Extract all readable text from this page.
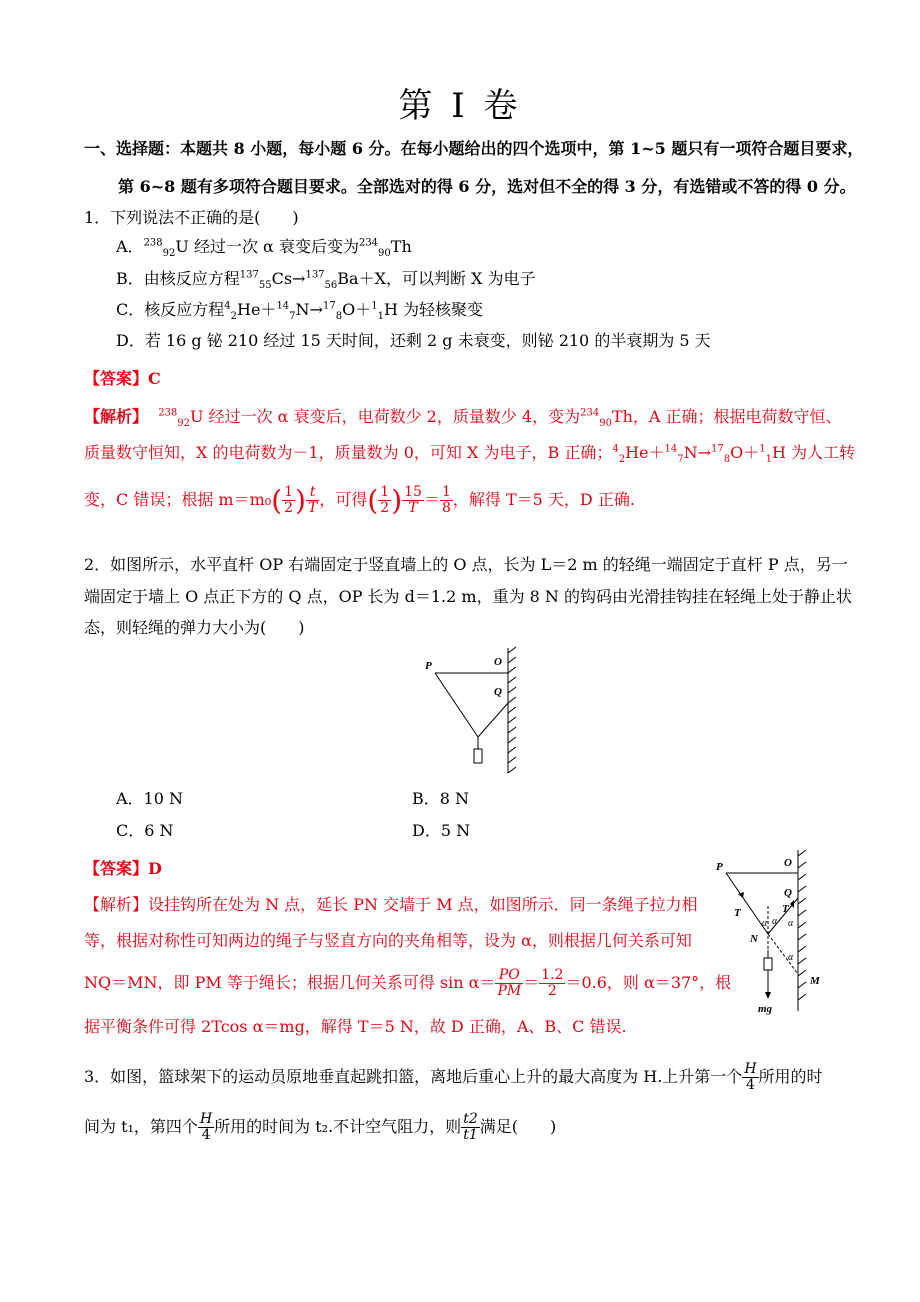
第 I 卷
一、选择题：本题共 8 小题，每小题 6 分。在每小题给出的四个选项中，第 1~5 题只有一项符合题目要求，
第 6~8 题有多项符合题目要求。全部选对的得 6 分，选对但不全的得 3 分，有选错或不答的得 0 分。
1．下列说法不正确的是(　　)
A．$^{238}_{92}$U 经过一次 α 衰变后变为$^{234}_{90}$Th
B．由核反应方程$^{137}_{55}$Cs→$^{137}_{56}$Ba＋X，可以判断 X 为电子
C．核反应方程$^4_2$He＋$^{14}_7$N→$^{17}_8$O＋$^1_1$H 为轻核聚变
D．若 16 g 铋 210 经过 15 天时间，还剩 2 g 未衰变，则铋 210 的半衰期为 5 天
【答案】C
【解析】 $^{238}_{92}$U 经过一次 α 衰变后，电荷数少 2，质量数少 4，变为$^{234}_{90}$Th，A 正确；根据电荷数守恒、
质量数守恒知，X 的电荷数为－1，质量数为 0，可知 X 为电子，B 正确；$^4_2$He＋$^{14}_7$N→$^{17}_8$O＋$^1_1$H 为人工转
变，C 错误；根据 $m=m_0( \frac{1}{2}$ ) $\frac{t}{T}$ ，可得( $\frac{1}{2}$ ) $\frac{15}{T} = \frac{1}{8}$ ，解得 T＝5 天，D 正确.
2．如图所示，水平直杆 OP 右端固定于竖直墙上的 O 点，长为 L＝2 m 的轻绳一端固定于直杆 P 点，另一
端固定于墙上 O 点正下方的 Q 点，OP 长为 d＝1.2 m，重为 8 N 的钩码由光滑挂钩挂在轻绳上处于静止状
态，则轻绳的弹力大小为(　　)
P	O
Q
A．10 N	B．8 N
C．6 N	D．5 N
【答案】D
【解析】设挂钩所在处为 N 点，延长 PN 交墙于 M 点，如图所示．同一条绳子拉力相
等，根据对称性可知两边的绳子与竖直方向的夹角相等，设为 α，则根据几何关系可知
NQ＝MN，即 PM 等于绳长；根据几何关系可得 $\sin \alpha= \frac{PO}{PM} = \frac{1.2}{2} =0.6$，则 α＝37°，根
据平衡条件可得 2Tcos α＝mg，解得 T＝5 N，故 D 正确，A、B、C 错误.
P	O
Q
T	T
N
α α α
α
M
mg
3．如图，篮球架下的运动员原地垂直起跳扣篮，离地后重心上升的最大高度为 H.上升第一个 $\frac{H}{4}$ 所用的时
间为 t₁，第四个 $\frac{H}{4}$ 所用的时间为 t₂.不计空气阻力，则 $\frac{t2}{t1}$ 满足(　　)
